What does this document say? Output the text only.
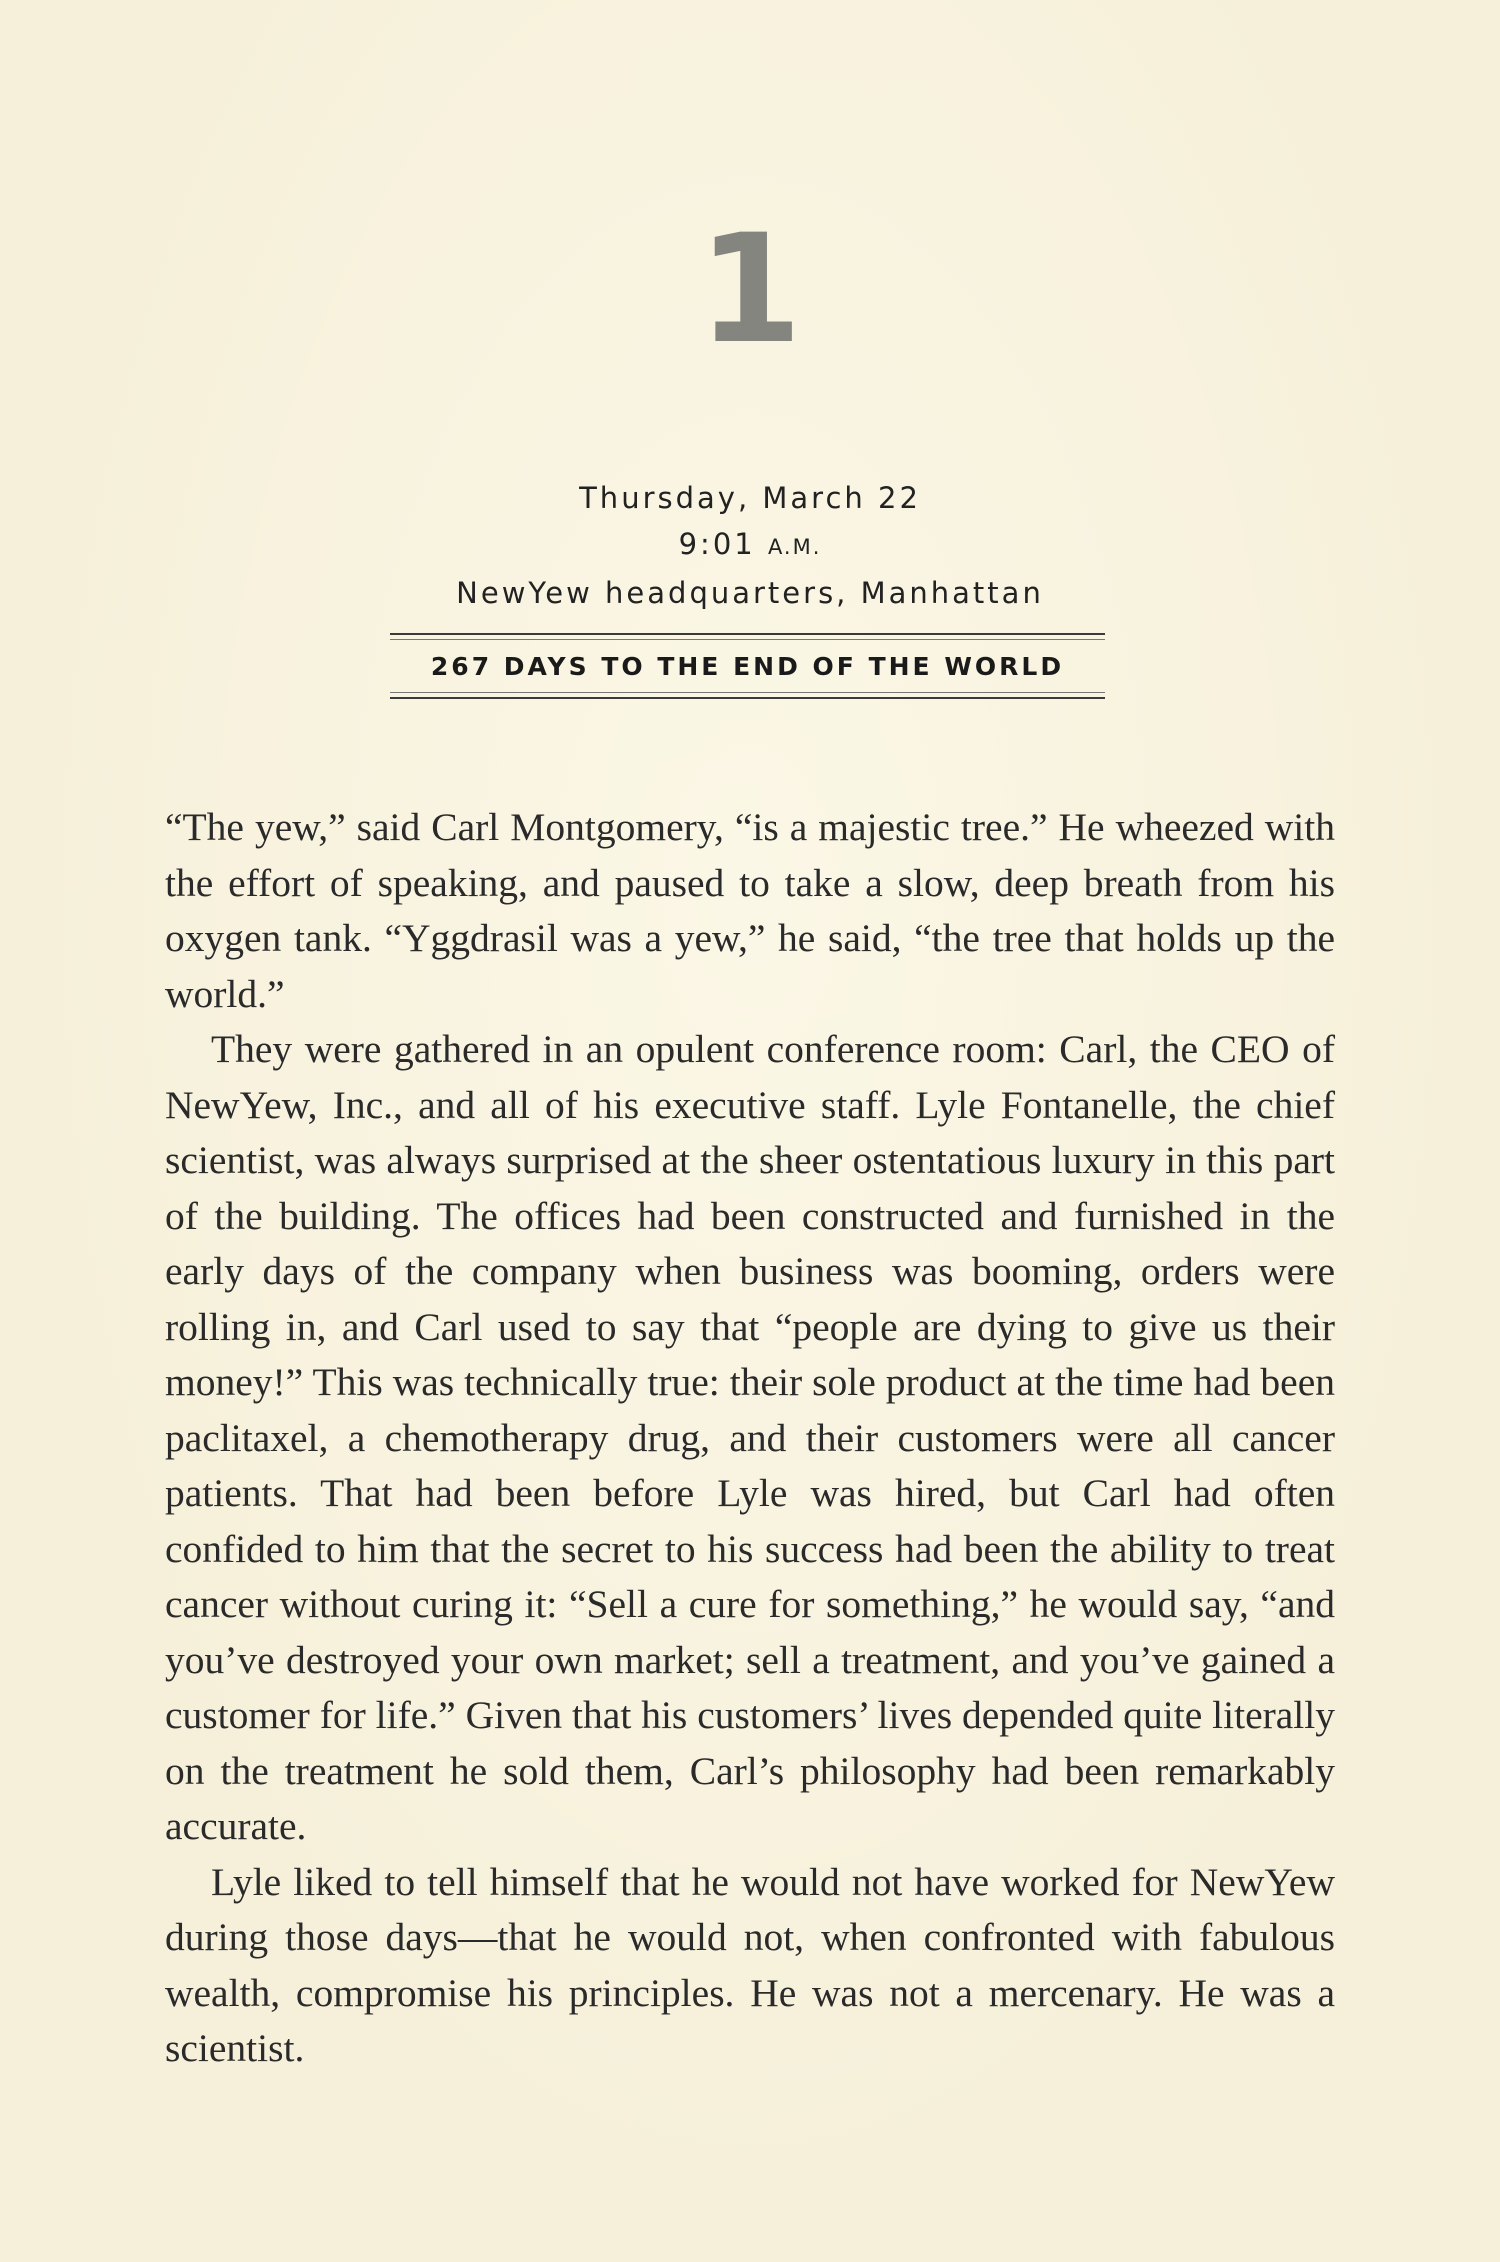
1
Thursday, March 22
9:01 A.M.
NewYew headquarters, Manhattan
267 DAYS TO THE END OF THE WORLD

“The yew,” said Carl Montgomery, “is a majestic tree.” He wheezed with the effort of speaking, and paused to take a slow, deep breath from his oxygen tank. “Yggdrasil was a yew,” he said, “the tree that holds up the world.”

They were gathered in an opulent conference room: Carl, the CEO of NewYew, Inc., and all of his executive staff. Lyle Fontanelle, the chief scientist, was always surprised at the sheer ostentatious luxury in this part of the building. The offices had been constructed and furnished in the early days of the company when business was booming, orders were rolling in, and Carl used to say that “people are dying to give us their money!” This was technically true: their sole product at the time had been paclitaxel, a chemotherapy drug, and their customers were all cancer patients. That had been before Lyle was hired, but Carl had often confided to him that the secret to his success had been the ability to treat cancer without curing it: “Sell a cure for something,” he would say, “and you’ve destroyed your own market; sell a treatment, and you’ve gained a customer for life.” Given that his customers’ lives depended quite literally on the treatment he sold them, Carl’s philosophy had been remarkably accurate.

Lyle liked to tell himself that he would not have worked for NewYew during those days—that he would not, when confronted with fabulous wealth, compromise his principles. He was not a mercenary. He was a scientist.
